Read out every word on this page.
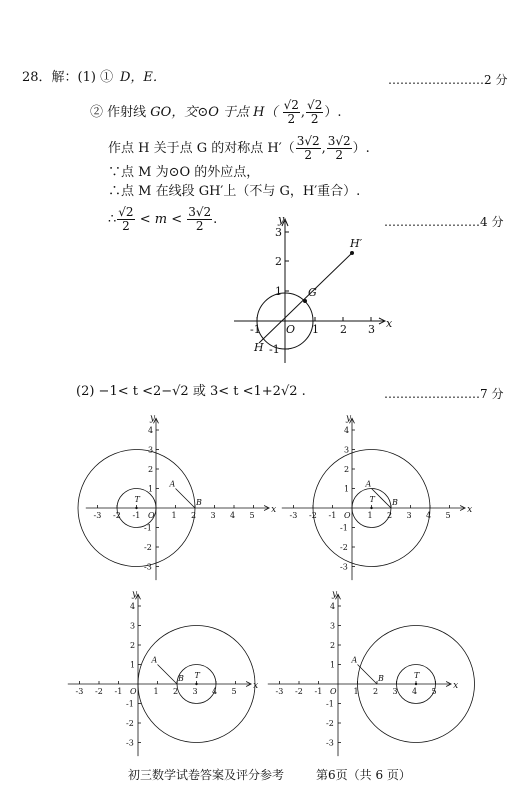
28．解：(1) ① D，E．	……………………2 分
② 作射线 GO，交⊙O 于点 $H( \frac{√2}{2}$ , $\frac{√2}{2}$ ）.
作点 H 关于点 G 的对称点 $H'( \frac{3√2}{2}$ , $\frac{3√2}{2}$ ）.
∵点 M 为⊙O 的外应点，
∴点 M 在线段 GH′上（不与 G，H′重合）.
∴ $\frac{√2}{2} < m < \frac{3√2}{2}$ .	……………………4 分
x
y
O 1 2 3
-1
1
2
3
-1
G
H
H′
(2) −1< t <2−√2 或 3< t <1+2√2 .	……………………7 分
-3 -2 -1	1 2 3 4 5
4
3
2
1
-1
-2
-3
x
y
O
A
B
T
-3 -2 -1	1 2 3 4 5
4
3
2
1
-1
-2
-3
x
y
O
A
B
T
-3 -2 -1	1 2 3 4 5
4
3
2
1
-1
-2
-3
x
y
O
A
B T
-3 -2 -1	1 2 3 4 5
4
3
2
1
-1
-2
-3
x
y
O
A
B	T
初三数学试卷答案及评分参考	第6页（共 6 页）
